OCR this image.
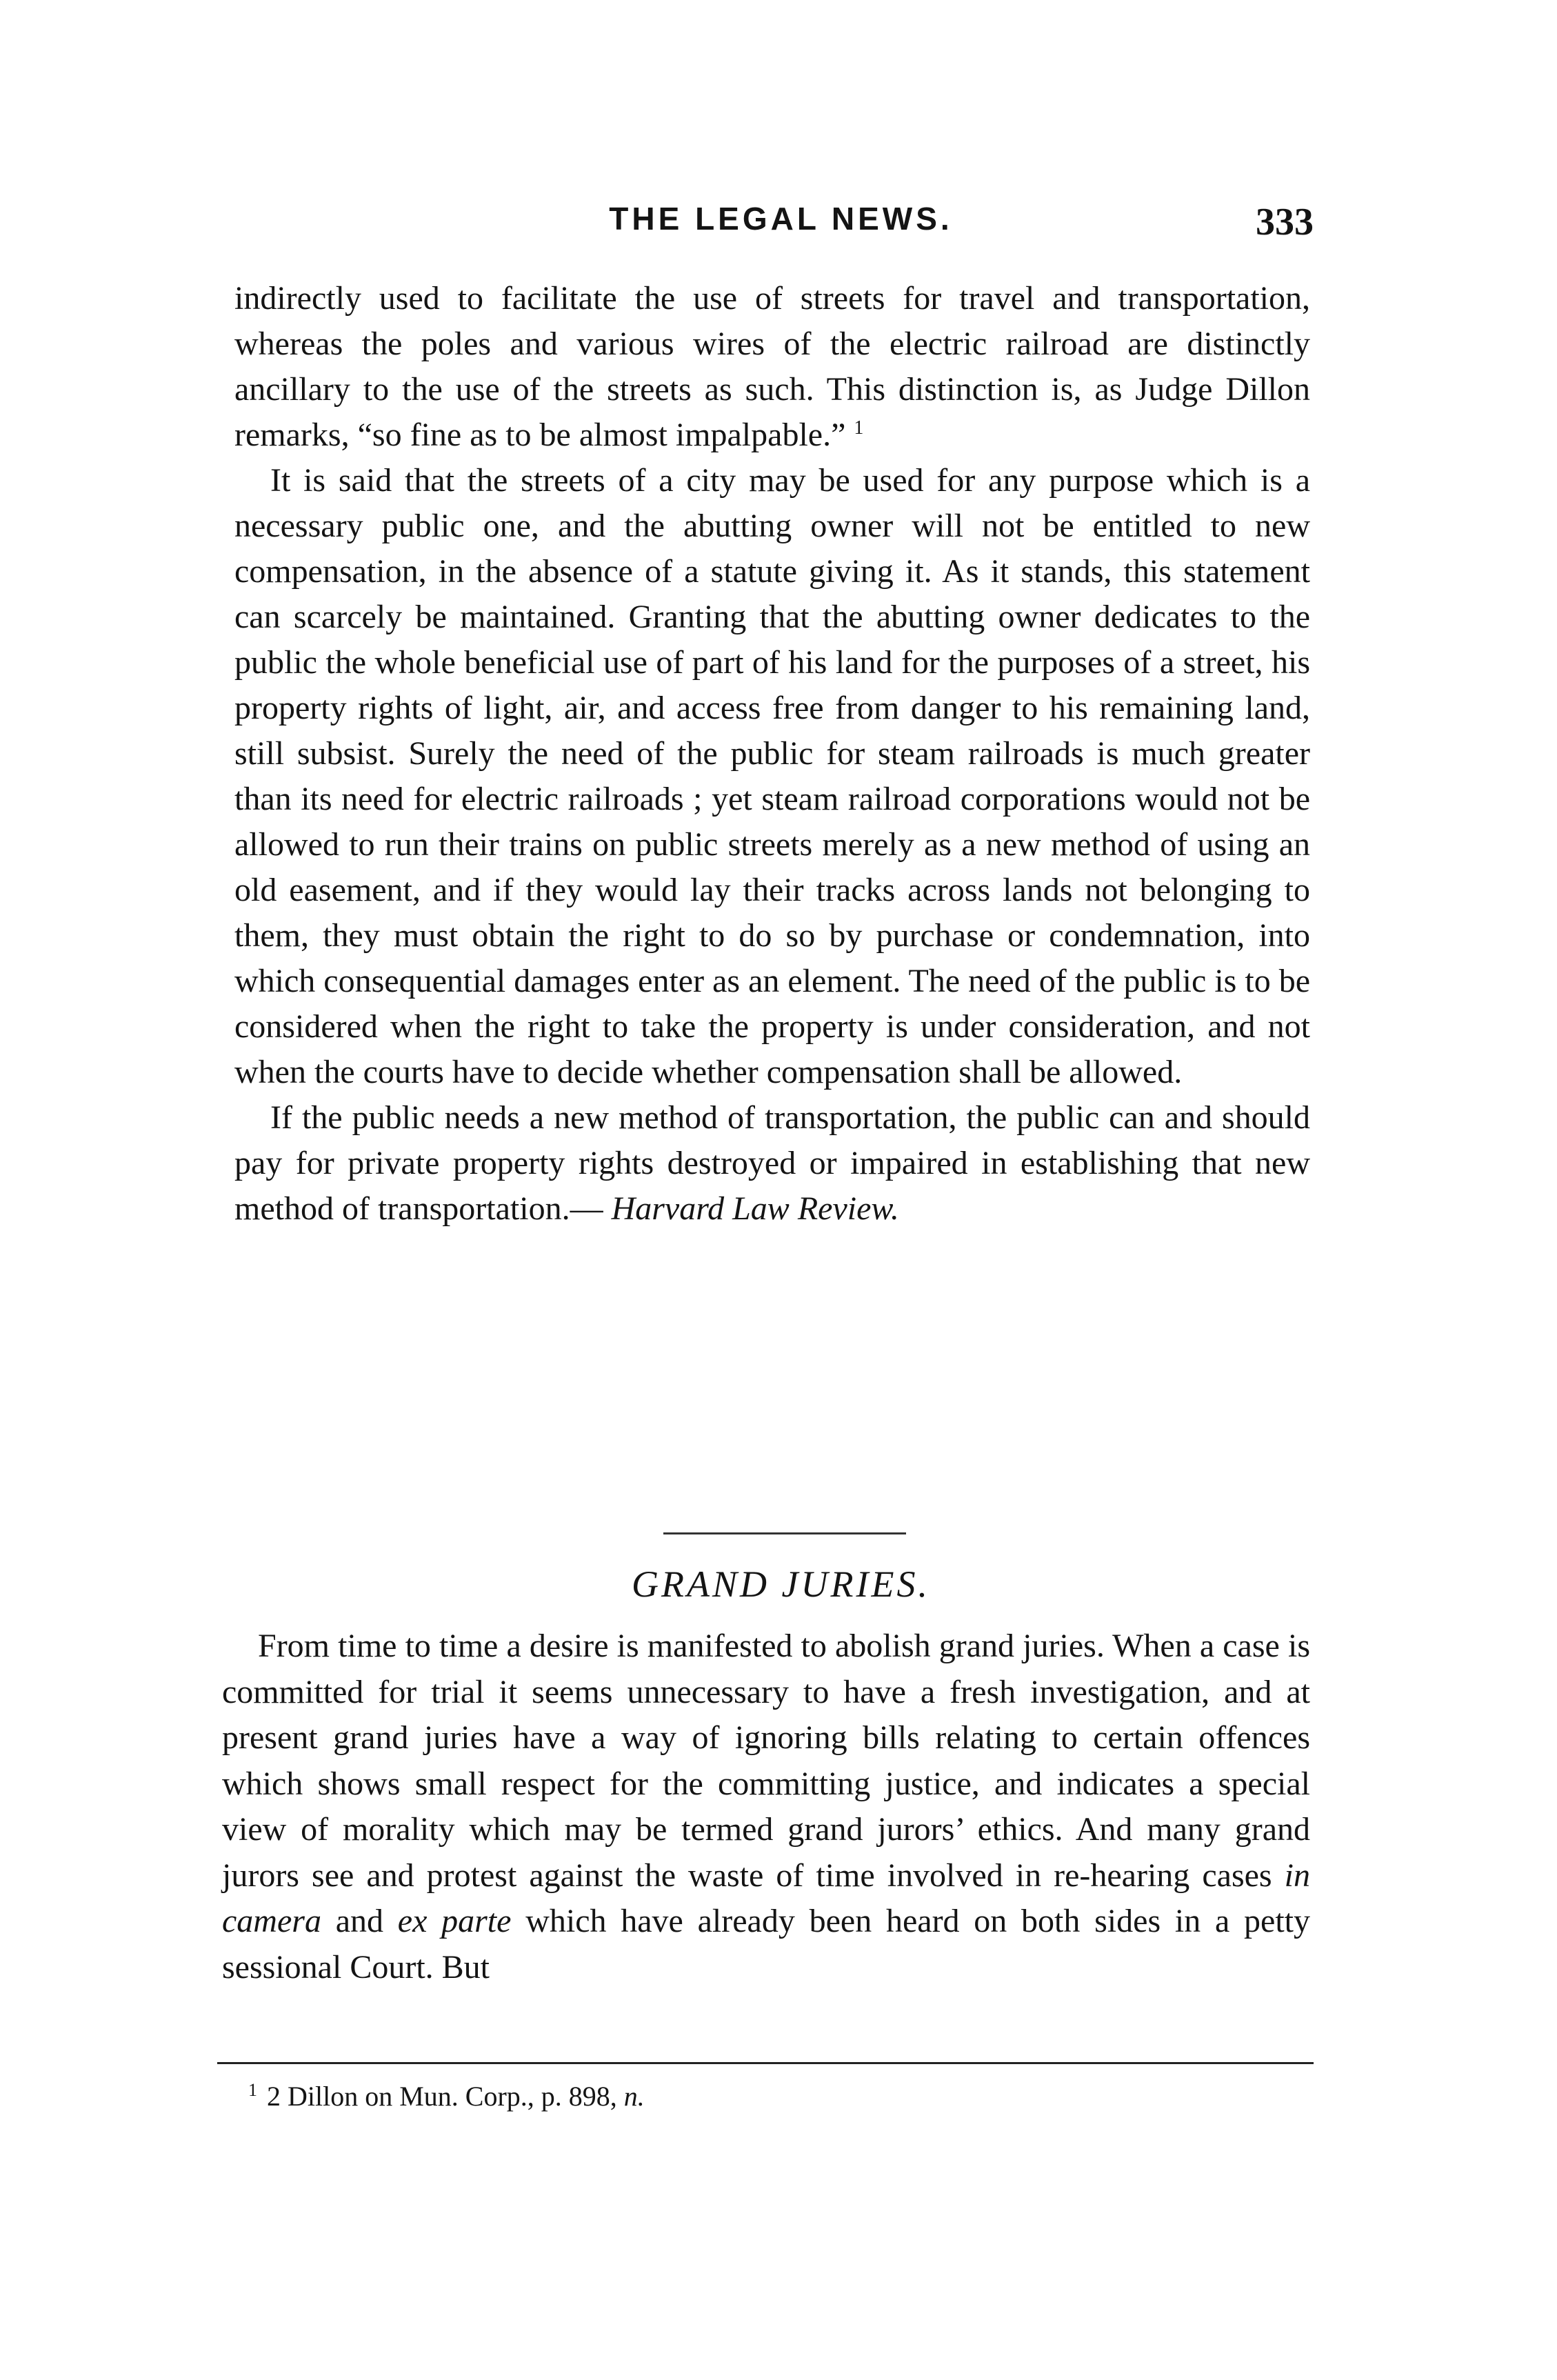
THE LEGAL NEWS.	333

indirectly used to facilitate the use of streets for travel and transportation, whereas the poles and various wires of the electric railroad are distinctly ancillary to the use of the streets as such. This distinction is, as Judge Dillon remarks, “so fine as to be almost impalpable.” $^1$

It is said that the streets of a city may be used for any purpose which is a necessary public one, and the abutting owner will not be entitled to new compensation, in the absence of a statute giving it. As it stands, this statement can scarcely be maintained. Granting that the abutting owner dedicates to the public the whole beneficial use of part of his land for the purposes of a street, his property rights of light, air, and access free from danger to his remaining land, still subsist. Surely the need of the public for steam railroads is much greater than its need for electric railroads ; yet steam railroad corporations would not be allowed to run their trains on public streets merely as a new method of using an old easement, and if they would lay their tracks across lands not belonging to them, they must obtain the right to do so by purchase or condemnation, into which consequential damages enter as an element. The need of the public is to be considered when the right to take the property is under consideration, and not when the courts have to decide whether compensation shall be allowed.

If the public needs a new method of transportation, the public can and should pay for private property rights destroyed or impaired in establishing that new method of transportation.— Harvard Law Review.

GRAND JURIES.

From time to time a desire is manifested to abolish grand juries. When a case is committed for trial it seems unnecessary to have a fresh investigation, and at present grand juries have a way of ignoring bills relating to certain offences which shows small respect for the committing justice, and indicates a special view of morality which may be termed grand jurors’ ethics. And many grand jurors see and protest against the waste of time involved in re-hearing cases in camera and ex parte which have already been heard on both sides in a petty sessional Court. But

$^1$ 2 Dillon on Mun. Corp., p. 898, n.
